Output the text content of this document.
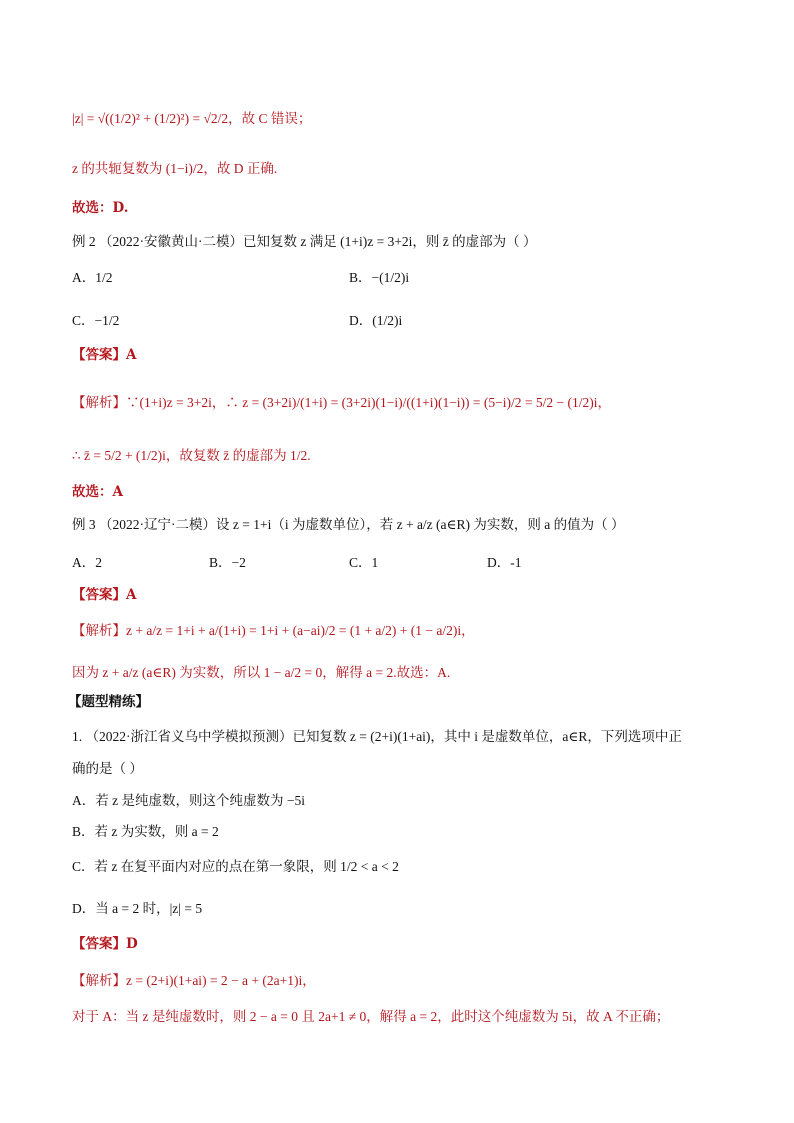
|z| = √((1/2)² + (1/2)²) = √2/2，故 C 错误；
z 的共轭复数为 (1−i)/2，故 D 正确.
故选：D.
例 2 （2022·安徽黄山·二模）已知复数 z 满足 (1+i)z = 3+2i，则 z̄ 的虚部为（ ）
A．1/2	B．−(1/2)i
C．−1/2	D．(1/2)i
【答案】A
【解析】∵(1+i)z = 3+2i，∴ z = (3+2i)/(1+i) = (3+2i)(1−i)/((1+i)(1−i)) = (5−i)/2 = 5/2 − (1/2)i，
∴ z̄ = 5/2 + (1/2)i，故复数 z̄ 的虚部为 1/2.
故选：A
例 3 （2022·辽宁·二模）设 z = 1+i（i 为虚数单位），若 z + a/z (a∈R) 为实数，则 a 的值为（ ）
A．2	B．−2	C．1	D．-1
【答案】A
【解析】z + a/z = 1+i + a/(1+i) = 1+i + (a−ai)/2 = (1 + a/2) + (1 − a/2)i，
因为 z + a/z (a∈R) 为实数，所以 1 − a/2 = 0，解得 a = 2.故选：A.
【题型精练】
1. （2022·浙江省义乌中学模拟预测）已知复数 z = (2+i)(1+ai)，其中 i 是虚数单位，a∈R，下列选项中正
确的是（ ）
A．若 z 是纯虚数，则这个纯虚数为 −5i
B．若 z 为实数，则 a = 2
C．若 z 在复平面内对应的点在第一象限，则 1/2 < a < 2
D．当 a = 2 时，|z| = 5
【答案】D
【解析】z = (2+i)(1+ai) = 2 − a + (2a+1)i，
对于 A：当 z 是纯虚数时，则 2 − a = 0 且 2a+1 ≠ 0，解得 a = 2，此时这个纯虚数为 5i，故 A 不正确；
